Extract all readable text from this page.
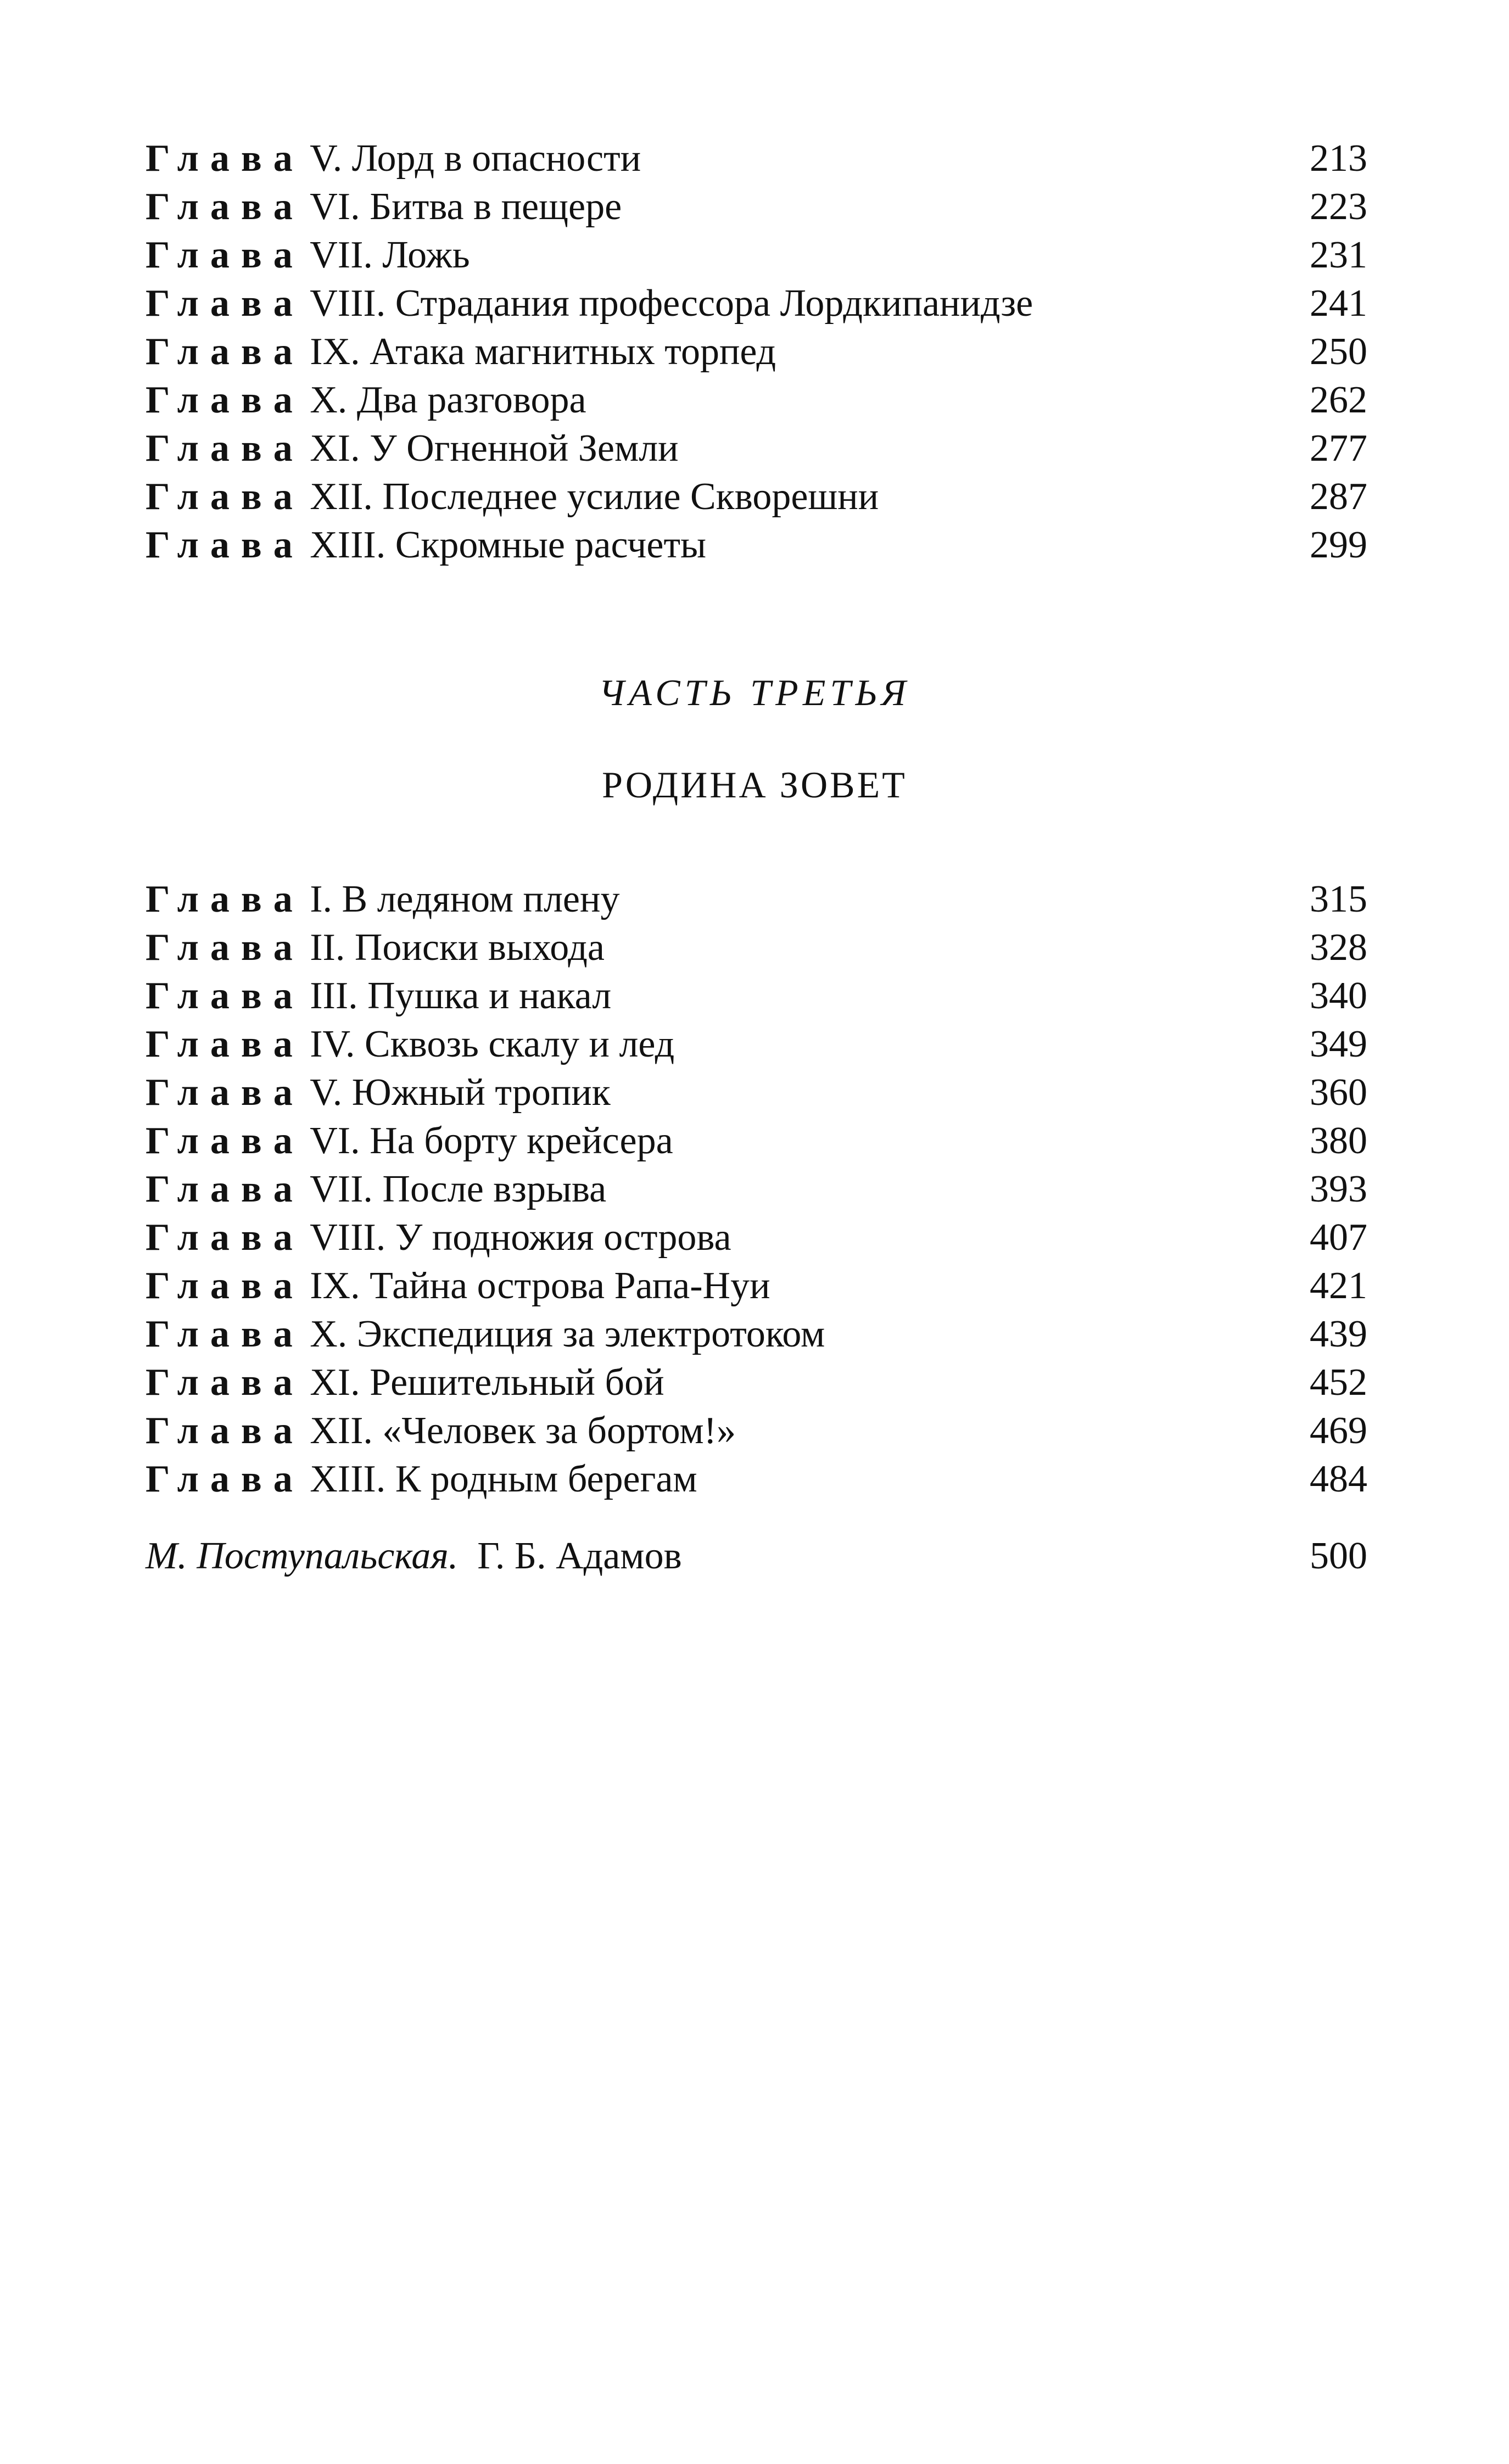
Глава V. Лорд в опасности	213
Глава VI. Битва в пещере	223
Глава VII. Ложь	231
Глава VIII. Страдания профессора Лордкипанидзе	241
Глава IX. Атака магнитных торпед	250
Глава X. Два разговора	262
Глава XI. У Огненной Земли	277
Глава XII. Последнее усилие Скворешни	287
Глава XIII. Скромные расчеты	299
ЧАСТЬ ТРЕТЬЯ
РОДИНА ЗОВЕТ
Глава I. В ледяном плену	315
Глава II. Поиски выхода	328
Глава III. Пушка и накал	340
Глава IV. Сквозь скалу и лед	349
Глава V. Южный тропик	360
Глава VI. На борту крейсера	380
Глава VII. После взрыва	393
Глава VIII. У подножия острова	407
Глава IX. Тайна острова Рапа-Нуи	421
Глава X. Экспедиция за электротоком	439
Глава XI. Решительный бой	452
Глава XII. «Человек за бортом!»	469
Глава XIII. К родным берегам	484
М. Поступальская. Г. Б. Адамов	500
